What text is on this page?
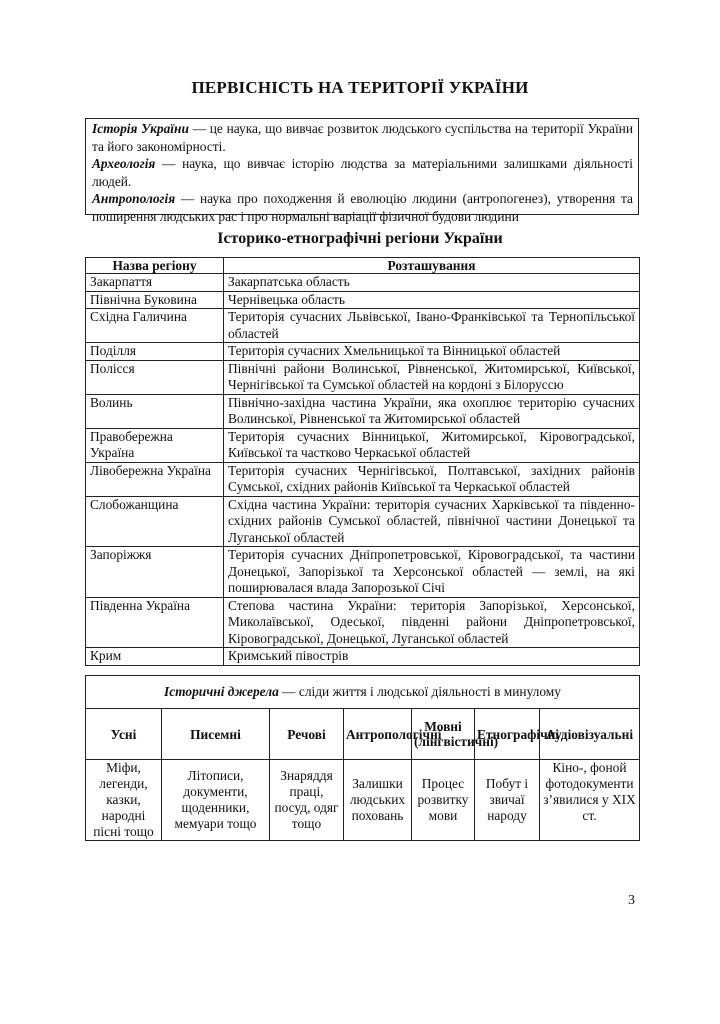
ПЕРВІСНІСТЬ НА ТЕРИТОРІЇ УКРАЇНИ

Історія України — це наука, що вивчає розвиток людського суспільства на території України та його закономірності.

Археологія — наука, що вивчає історію людства за матеріальними залишками діяльності людей.

Антропологія — наука про походження й еволюцію людини (антропогенез), утворення та поширення людських рас і про нормальні варіації фізичної будови людини

Історико-етнографічні регіони України
Назва регіону	Розташування
Закарпаття	Закарпатська область
Північна Буковина	Чернівецька область
Східна Галичина	Територія сучасних Львівської, Івано-Франківської та Тернопільської областей
Поділля	Територія сучасних Хмельницької та Вінницької областей
Полісся	Північні райони Волинської, Рівненської, Житомирської, Київської, Чернігівської та Сумської областей на кордоні з Білоруссю
Волинь	Північно-західна частина України, яка охоплює територію сучасних Волинської, Рівненської та Житомирської областей
Правобережна Україна	Територія сучасних Вінницької, Житомирської, Кіровоградської, Київської та частково Черкаської областей
Лівобережна Україна	Територія сучасних Чернігівської, Полтавської, західних районів Сумської, східних районів Київської та Черкаської областей
Слобожанщина	Східна частина України: територія сучасних Харківської та південно-східних районів Сумської областей, північної частини Донецької та Луганської областей
Запоріжжя	Територія сучасних Дніпропетровської, Кіровоградської, та частини Донецької, Запорізької та Херсонської областей — землі, на які поширювалася влада Запорозької Січі
Південна Україна	Степова частина України: територія Запорізької, Херсонської, Миколаївської, Одеської, південні райони Дніпропетровської, Кіровоградської, Донецької, Луганської областей
Крим	Кримський півострів
Історичні джерела — сліди життя і людської діяльності в минулому						
Усні	Писемні	Речові	Антропологічні	Мовні (лінгвістичні)	Етнографічні	Аудіовізуальні
Міфи, легенди, казки, народні пісні тощо	Літописи, документи, щоденники, мемуари тощо	Знаряддя праці, посуд, одяг тощо	Залишки людських поховань	Процес розвитку мови	Побут і звичаї народу	Кіно-, фоной фотодокументи з’явилися у XIX ст.
3
